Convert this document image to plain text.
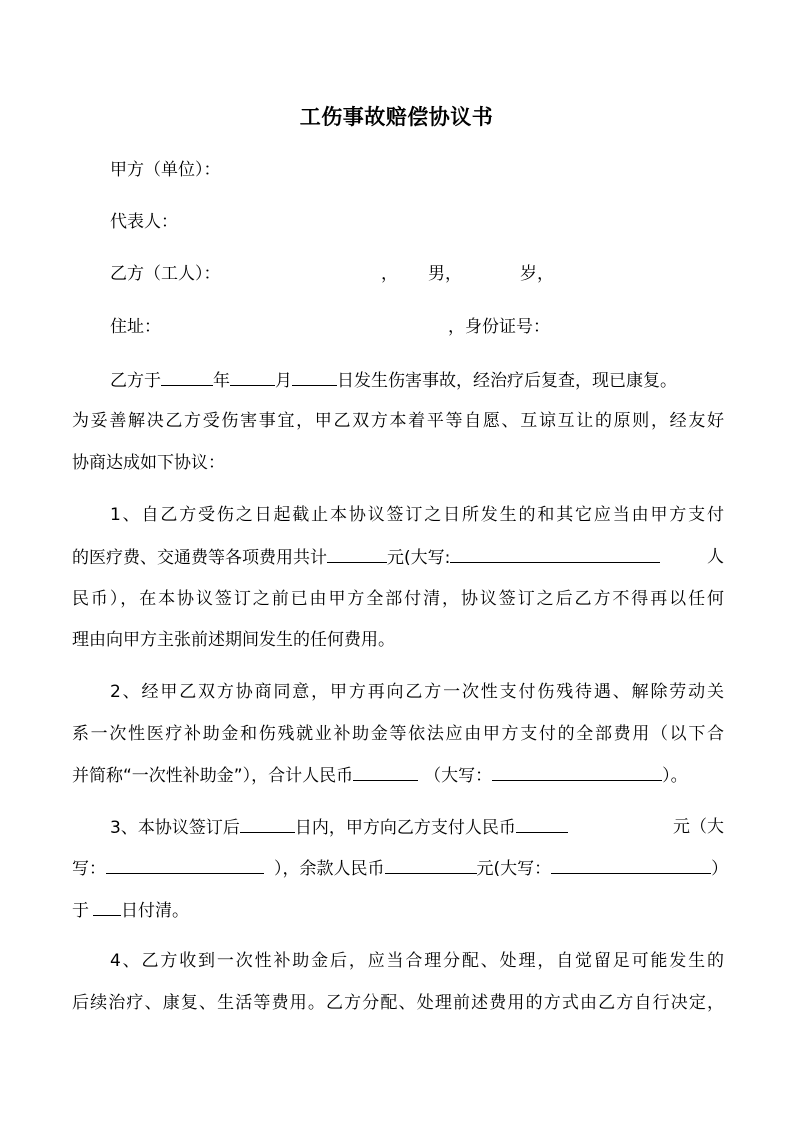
工伤事故赔偿协议书
甲方（单位）：
代表人：
乙方（工人）：	， 男，	岁，
住址：	，身份证号：
乙方于	年	月	日发生伤害事故，经治疗后复查，现已康复。
为妥善解决乙方受伤害事宜，甲乙双方本着平等自愿、互谅互让的原则，经友好
协商达成如下协议：
1、自乙方受伤之日起截止本协议签订之日所发生的和其它应当由甲方支付
的医疗费、交通费等各项费用共计	元(大写:	人
民币），在本协议签订之前已由甲方全部付清，协议签订之后乙方不得再以任何
理由向甲方主张前述期间发生的任何费用。
2、经甲乙双方协商同意，甲方再向乙方一次性支付伤残待遇、解除劳动关
系一次性医疗补助金和伤残就业补助金等依法应由甲方支付的全部费用（以下合
并简称“一次性补助金”），合计人民币	（大写：	）。
3、本协议签订后	日内，甲方向乙方支付人民币	元（大
写：	），余款人民币	元(大写：	）
于 日付清。
4、乙方收到一次性补助金后，应当合理分配、处理，自觉留足可能发生的
后续治疗、康复、生活等费用。乙方分配、处理前述费用的方式由乙方自行决定，
